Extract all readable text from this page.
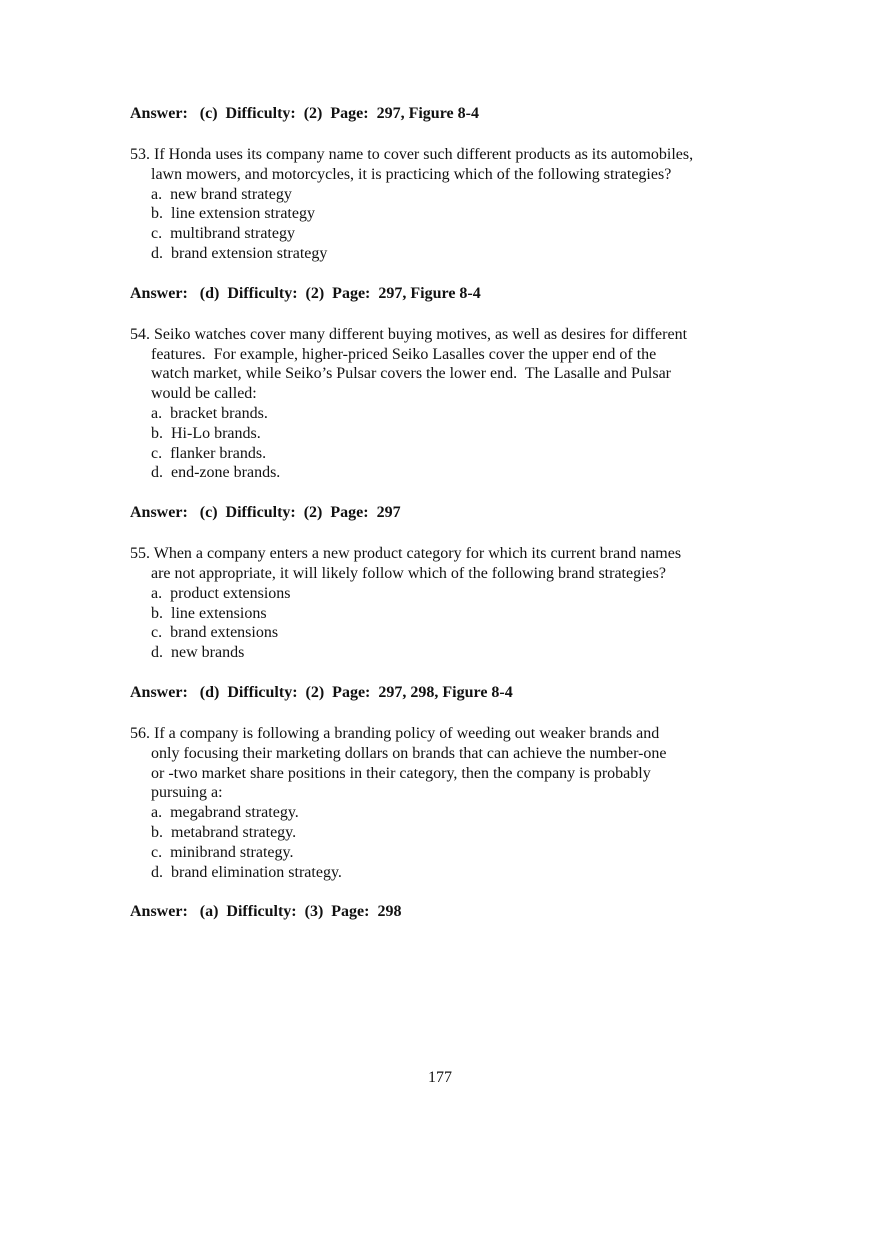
Answer:   (c)  Difficulty:  (2)  Page:  297, Figure 8-4

53. If Honda uses its company name to cover such different products as its automobiles,
lawn mowers, and motorcycles, it is practicing which of the following strategies?
a.  new brand strategy
b.  line extension strategy
c.  multibrand strategy
d.  brand extension strategy

Answer:   (d)  Difficulty:  (2)  Page:  297, Figure 8-4

54. Seiko watches cover many different buying motives, as well as desires for different
features.  For example, higher-priced Seiko Lasalles cover the upper end of the
watch market, while Seiko’s Pulsar covers the lower end.  The Lasalle and Pulsar
would be called:
a.  bracket brands.
b.  Hi-Lo brands.
c.  flanker brands.
d.  end-zone brands.

Answer:   (c)  Difficulty:  (2)  Page:  297

55. When a company enters a new product category for which its current brand names
are not appropriate, it will likely follow which of the following brand strategies?
a.  product extensions
b.  line extensions
c.  brand extensions
d.  new brands

Answer:   (d)  Difficulty:  (2)  Page:  297, 298, Figure 8-4

56. If a company is following a branding policy of weeding out weaker brands and
only focusing their marketing dollars on brands that can achieve the number-one
or -two market share positions in their category, then the company is probably
pursuing a:
a.  megabrand strategy.
b.  metabrand strategy.
c.  minibrand strategy.
d.  brand elimination strategy.

Answer:   (a)  Difficulty:  (3)  Page:  298

177
